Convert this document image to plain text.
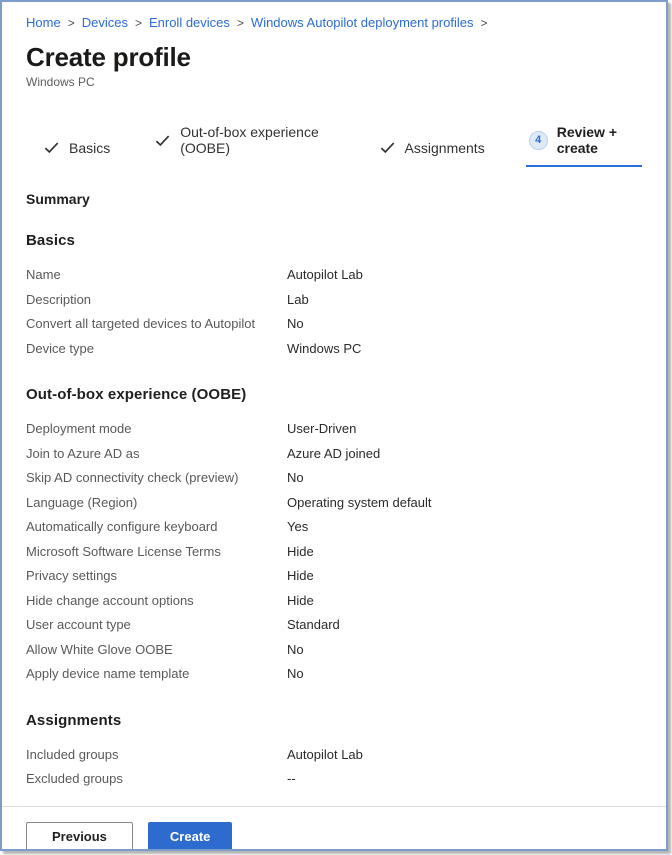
Home > Devices > Enroll devices > Windows Autopilot deployment profiles >
Create profile
Windows PC
Basics
Out-of-box experience (OOBE)	Assignments	4	Review + create
Summary
Basics
Name	Autopilot Lab
Description	Lab
Convert all targeted devices to Autopilot	No
Device type	Windows PC
Out-of-box experience (OOBE)
Deployment mode	User-Driven
Join to Azure AD as	Azure AD joined
Skip AD connectivity check (preview)	No
Language (Region)	Operating system default
Automatically configure keyboard	Yes
Microsoft Software License Terms	Hide
Privacy settings	Hide
Hide change account options	Hide
User account type	Standard
Allow White Glove OOBE	No
Apply device name template	No
Assignments
Included groups	Autopilot Lab
Excluded groups	--
Previous	Create
